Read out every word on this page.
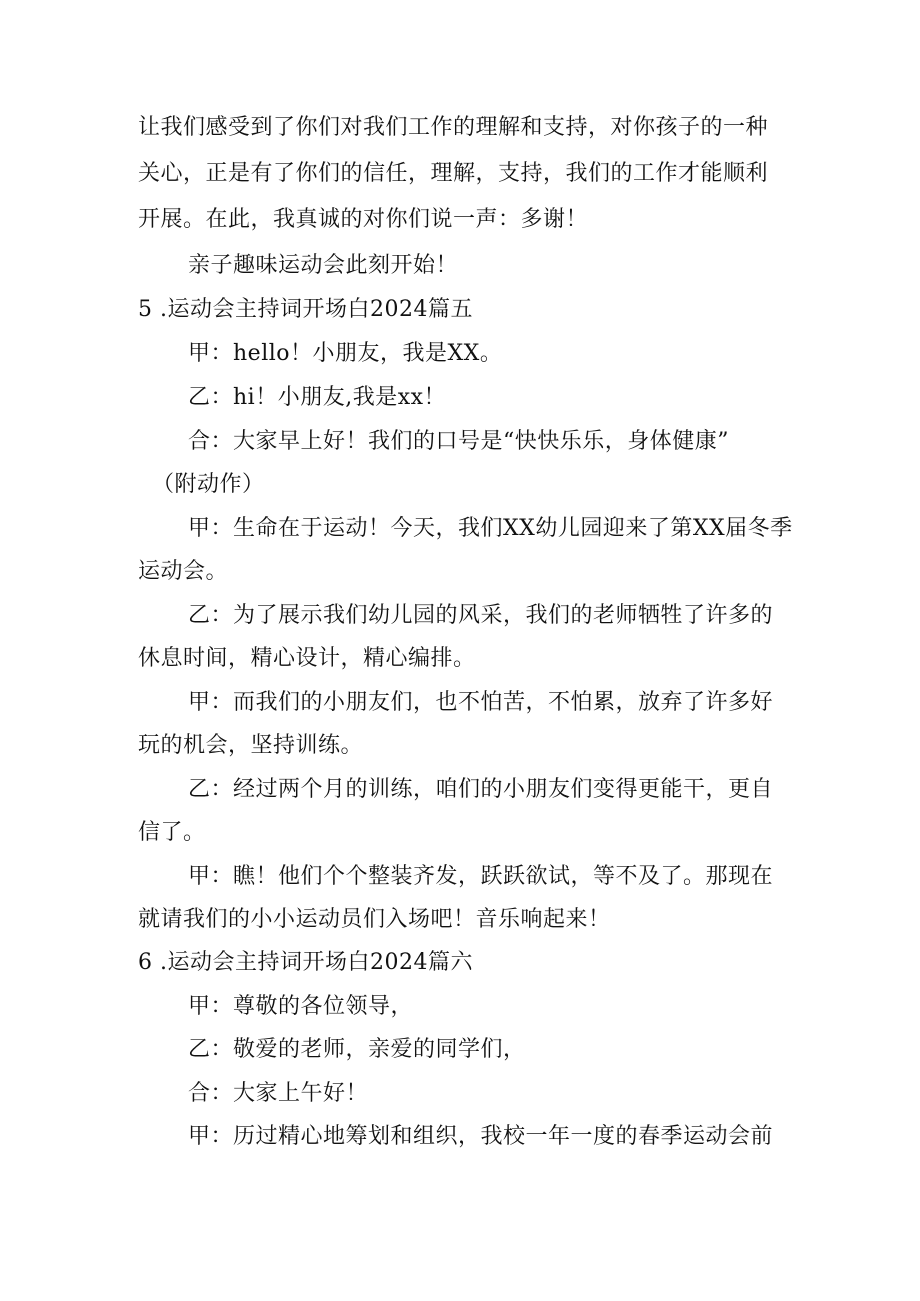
让我们感受到了你们对我们工作的理解和支持，对你孩子的一种
关心，正是有了你们的信任，理解，支持，我们的工作才能顺利
开展。在此，我真诚的对你们说一声：多谢！
亲子趣味运动会此刻开始！
5 .运动会主持词开场白2024篇五
甲：hello！小朋友，我是XX。
乙：hi！小朋友,我是xx！
合：大家早上好！我们的口号是“快快乐乐，身体健康”
（附动作）
甲：生命在于运动！今天，我们XX幼儿园迎来了第XX届冬季
运动会。
乙：为了展示我们幼儿园的风采，我们的老师牺牲了许多的
休息时间，精心设计，精心编排。
甲：而我们的小朋友们，也不怕苦，不怕累，放弃了许多好
玩的机会，坚持训练。
乙：经过两个月的训练，咱们的小朋友们变得更能干，更自
信了。
甲：瞧！他们个个整装齐发，跃跃欲试，等不及了。那现在
就请我们的小小运动员们入场吧！音乐响起来！
6 .运动会主持词开场白2024篇六
甲：尊敬的各位领导，
乙：敬爱的老师，亲爱的同学们，
合：大家上午好！
甲：历过精心地筹划和组织，我校一年一度的春季运动会前
